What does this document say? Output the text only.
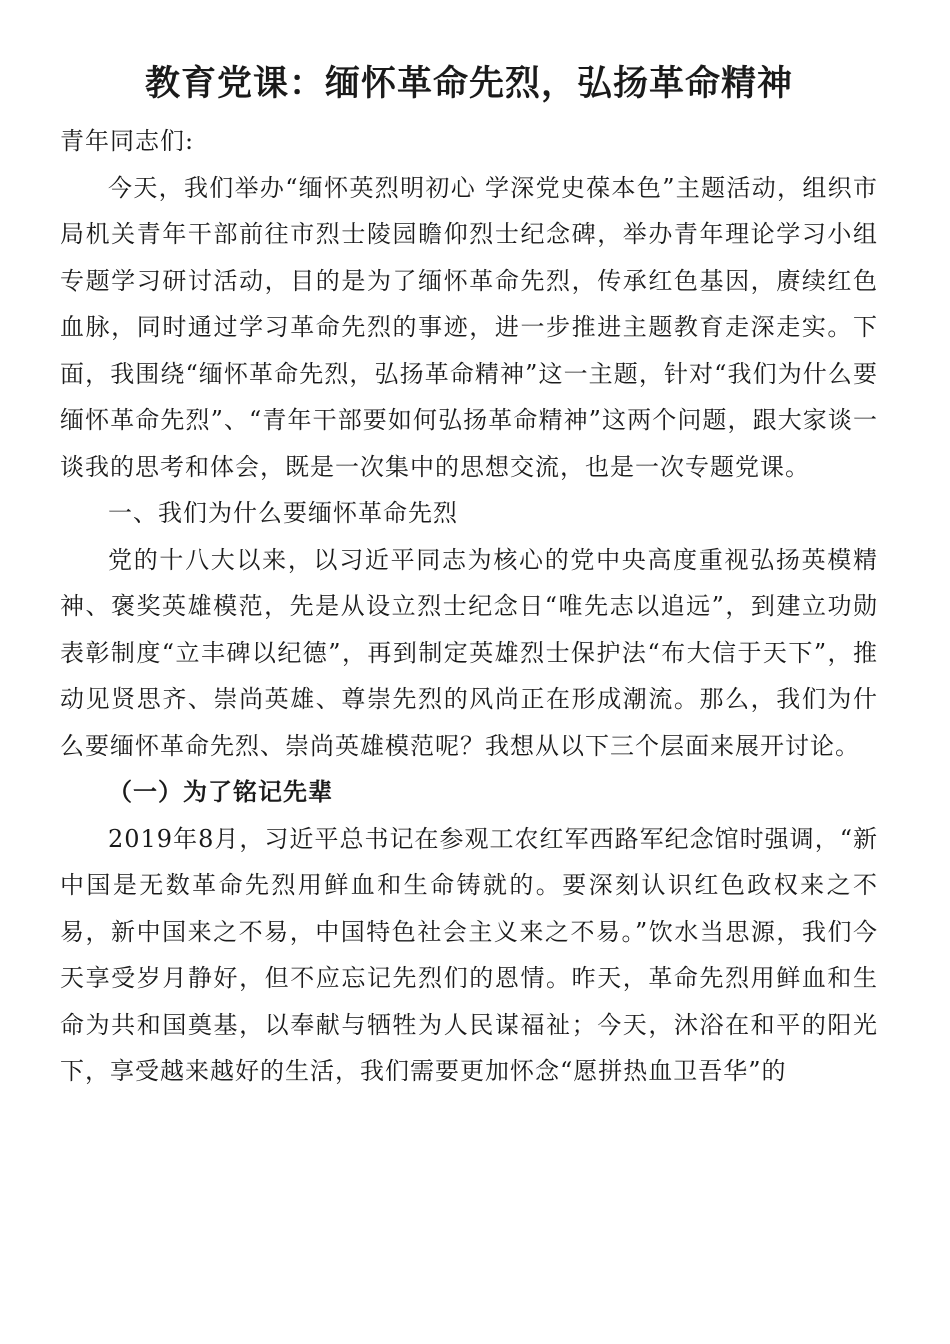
教育党课：缅怀革命先烈，弘扬革命精神

青年同志们:

今天，我们举办“缅怀英烈明初心 学深党史葆本色”主题活动，组织市局机关青年干部前往市烈士陵园瞻仰烈士纪念碑，举办青年理论学习小组专题学习研讨活动，目的是为了缅怀革命先烈，传承红色基因，赓续红色血脉，同时通过学习革命先烈的事迹，进一步推进主题教育走深走实。下面，我围绕“缅怀革命先烈，弘扬革命精神”这一主题，针对“我们为什么要缅怀革命先烈”、“青年干部要如何弘扬革命精神”这两个问题，跟大家谈一谈我的思考和体会，既是一次集中的思想交流，也是一次专题党课。

一、我们为什么要缅怀革命先烈

党的十八大以来，以习近平同志为核心的党中央高度重视弘扬英模精神、褒奖英雄模范，先是从设立烈士纪念日“唯先志以追远”，到建立功勋表彰制度“立丰碑以纪德”，再到制定英雄烈士保护法“布大信于天下”，推动见贤思齐、崇尚英雄、尊崇先烈的风尚正在形成潮流。那么，我们为什么要缅怀革命先烈、崇尚英雄模范呢？我想从以下三个层面来展开讨论。

（一）为了铭记先辈

2019年8月，习近平总书记在参观工农红军西路军纪念馆时强调，“新中国是无数革命先烈用鲜血和生命铸就的。要深刻认识红色政权来之不易，新中国来之不易，中国特色社会主义来之不易。”饮水当思源，我们今天享受岁月静好，但不应忘记先烈们的恩情。昨天，革命先烈用鲜血和生命为共和国奠基，以奉献与牺牲为人民谋福祉；今天，沐浴在和平的阳光下，享受越来越好的生活，我们需要更加怀念“愿拼热血卫吾华”的
